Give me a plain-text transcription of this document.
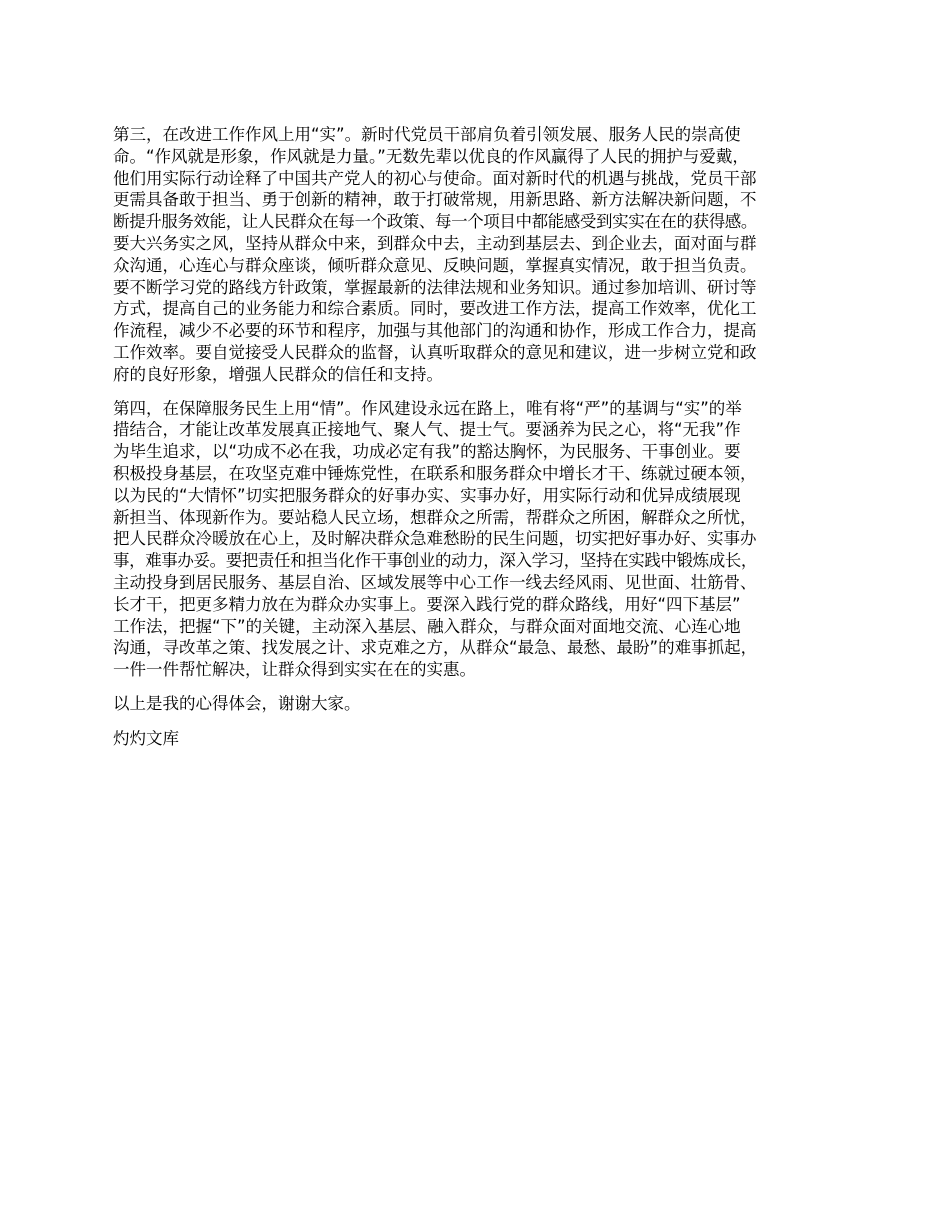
第三，在改进工作作风上用“实”。新时代党员干部肩负着引领发展、服务人民的崇高使
命。“作风就是形象，作风就是力量。”无数先辈以优良的作风赢得了人民的拥护与爱戴，
他们用实际行动诠释了中国共产党人的初心与使命。面对新时代的机遇与挑战，党员干部
更需具备敢于担当、勇于创新的精神，敢于打破常规，用新思路、新方法解决新问题，不
断提升服务效能，让人民群众在每一个政策、每一个项目中都能感受到实实在在的获得感。
要大兴务实之风，坚持从群众中来，到群众中去，主动到基层去、到企业去，面对面与群
众沟通，心连心与群众座谈，倾听群众意见、反映问题，掌握真实情况，敢于担当负责。
要不断学习党的路线方针政策，掌握最新的法律法规和业务知识。通过参加培训、研讨等
方式，提高自己的业务能力和综合素质。同时，要改进工作方法，提高工作效率，优化工
作流程，减少不必要的环节和程序，加强与其他部门的沟通和协作，形成工作合力，提高
工作效率。要自觉接受人民群众的监督，认真听取群众的意见和建议，进一步树立党和政
府的良好形象，增强人民群众的信任和支持。

第四，在保障服务民生上用“情”。作风建设永远在路上，唯有将“严”的基调与“实”的举
措结合，才能让改革发展真正接地气、聚人气、提士气。要涵养为民之心，将“无我”作
为毕生追求，以“功成不必在我，功成必定有我”的豁达胸怀，为民服务、干事创业。要
积极投身基层，在攻坚克难中锤炼党性，在联系和服务群众中增长才干、练就过硬本领，
以为民的“大情怀”切实把服务群众的好事办实、实事办好，用实际行动和优异成绩展现
新担当、体现新作为。要站稳人民立场，想群众之所需，帮群众之所困，解群众之所忧，
把人民群众冷暖放在心上，及时解决群众急难愁盼的民生问题，切实把好事办好、实事办
事，难事办妥。要把责任和担当化作干事创业的动力，深入学习，坚持在实践中锻炼成长，
主动投身到居民服务、基层自治、区域发展等中心工作一线去经风雨、见世面、壮筋骨、
长才干，把更多精力放在为群众办实事上。要深入践行党的群众路线，用好“四下基层”
工作法，把握“下”的关键，主动深入基层、融入群众，与群众面对面地交流、心连心地
沟通，寻改革之策、找发展之计、求克难之方，从群众“最急、最愁、最盼”的难事抓起，
一件一件帮忙解决，让群众得到实实在在的实惠。

以上是我的心得体会，谢谢大家。

灼灼文库
